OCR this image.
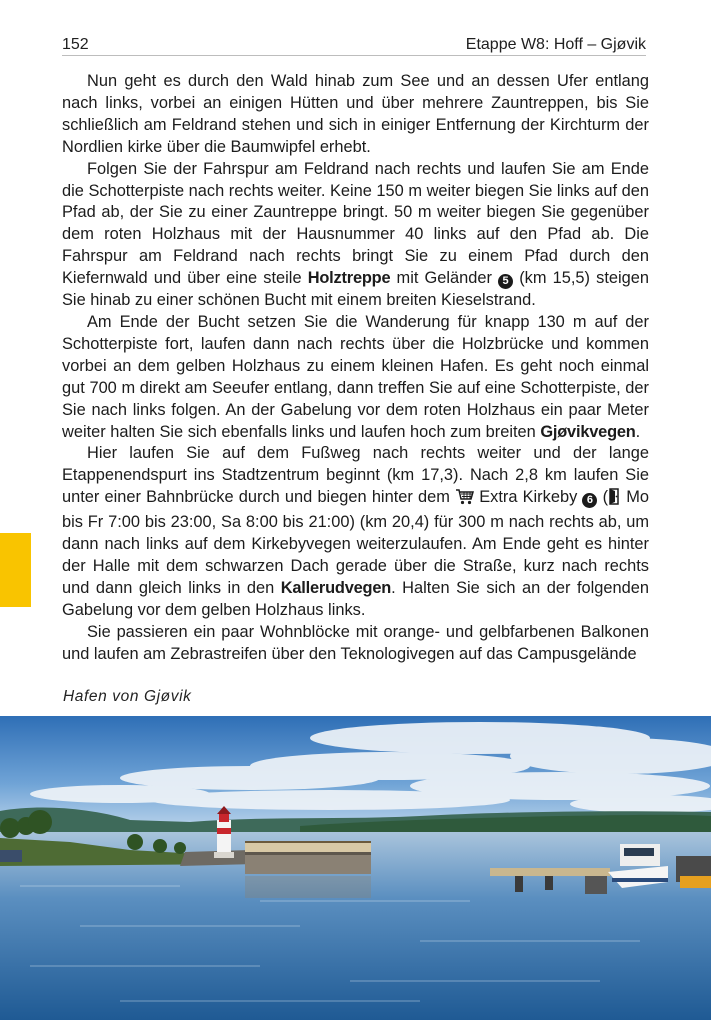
152	Etappe W8: Hoff – Gjøvik

Nun geht es durch den Wald hinab zum See und an dessen Ufer entlang nach links, vorbei an einigen Hütten und über mehrere Zauntreppen, bis Sie schließlich am Feldrand stehen und sich in einiger Entfernung der Kirchturm der Nordlien kirke über die Baumwipfel erhebt.

Folgen Sie der Fahrspur am Feldrand nach rechts und laufen Sie am Ende die Schotterpiste nach rechts weiter. Keine 150 m weiter biegen Sie links auf den Pfad ab, der Sie zu einer Zauntreppe bringt. 50 m weiter biegen Sie gegenüber dem roten Holzhaus mit der Hausnummer 40 links auf den Pfad ab. Die Fahrspur am Feldrand nach rechts bringt Sie zu einem Pfad durch den Kiefernwald und über eine steile Holztreppe mit Geländer 5 (km 15,5) steigen Sie hinab zu einer schönen Bucht mit einem breiten Kieselstrand.

Am Ende der Bucht setzen Sie die Wanderung für knapp 130 m auf der Schotterpiste fort, laufen dann nach rechts über die Holzbrücke und kommen vorbei an dem gelben Holzhaus zu einem kleinen Hafen. Es geht noch einmal gut 700 m direkt am Seeufer entlang, dann treffen Sie auf eine Schotterpiste, der Sie nach links folgen. An der Gabelung vor dem roten Holzhaus ein paar Meter weiter halten Sie sich ebenfalls links und laufen hoch zum breiten Gjøvikvegen.

Hier laufen Sie auf dem Fußweg nach rechts weiter und der lange Etappenendspurt ins Stadtzentrum beginnt (km 17,3). Nach 2,8 km laufen Sie unter einer Bahnbrücke durch und biegen hinter dem  Extra Kirkeby 6 ( Mo bis Fr 7:00 bis 23:00, Sa 8:00 bis 21:00) (km 20,4) für 300 m nach rechts ab, um dann nach links auf dem Kirkebyvegen weiterzulaufen. Am Ende geht es hinter der Halle mit dem schwarzen Dach gerade über die Straße, kurz nach rechts und dann gleich links in den Kallerudvegen. Halten Sie sich an der folgenden Gabelung vor dem gelben Holzhaus links.

Sie passieren ein paar Wohnblöcke mit orange- und gelbfarbenen Balkonen und laufen am Zebrastreifen über den Teknologivegen auf das Campusgelände

Hafen von Gjøvik
